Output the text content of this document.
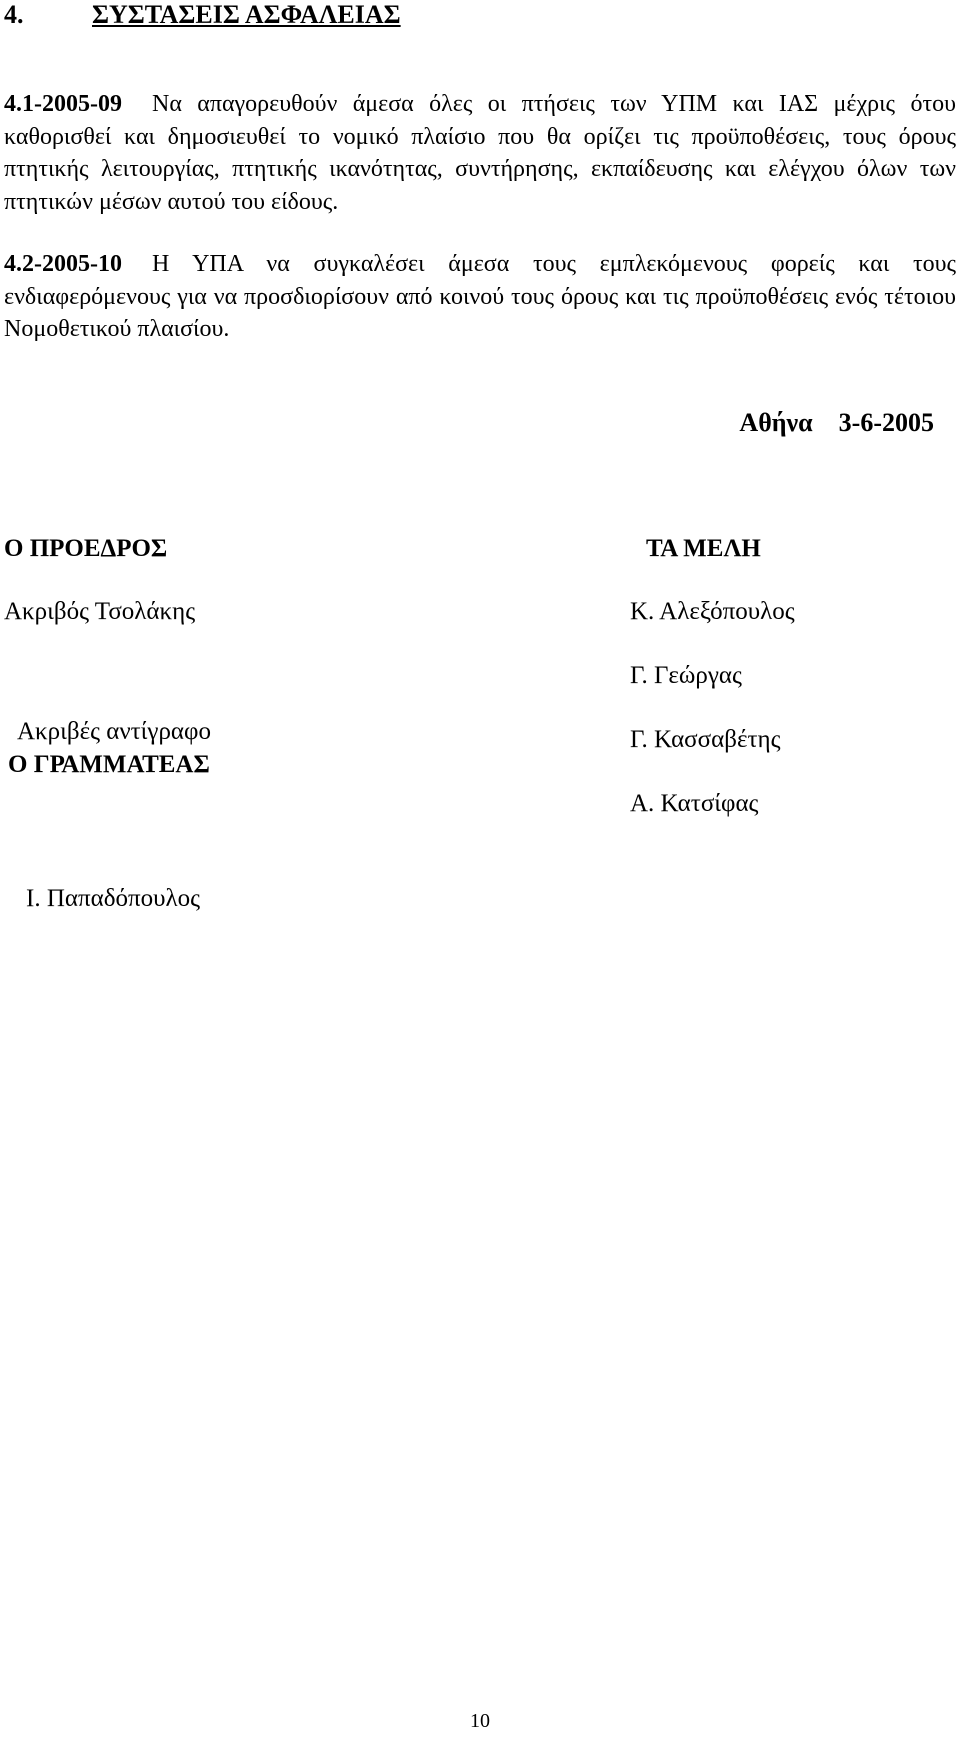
4.	ΣΥΣΤΑΣΕΙΣ ΑΣΦΑΛΕΙΑΣ
4.1-2005-09 Να απαγορευθούν άμεσα όλες οι πτήσεις των ΥΠΜ και ΙΑΣ μέχρις ότου καθορισθεί και δημοσιευθεί το νομικό πλαίσιο που θα ορίζει τις προϋποθέσεις, τους όρους πτητικής λειτουργίας, πτητικής ικανότητας, συντήρησης, εκπαίδευσης και ελέγχου όλων των πτητικών μέσων αυτού του είδους.
4.2-2005-10 Η ΥΠΑ να συγκαλέσει άμεσα τους εμπλεκόμενους φορείς και τους ενδιαφερόμενους για να προσδιορίσουν από κοινού τους όρους και τις προϋποθέσεις ενός τέτοιου Νομοθετικού πλαισίου.
Αθήνα 3-6-2005
Ο ΠΡΟΕΔΡΟΣ
Ακριβός Τσολάκης
ΤΑ ΜΕΛΗ
Κ. Αλεξόπουλος
Γ. Γεώργας
Γ. Κασσαβέτης
Α. Κατσίφας
Ακριβές αντίγραφο
Ο ΓΡΑΜΜΑΤΕΑΣ
Ι. Παπαδόπουλος
10
